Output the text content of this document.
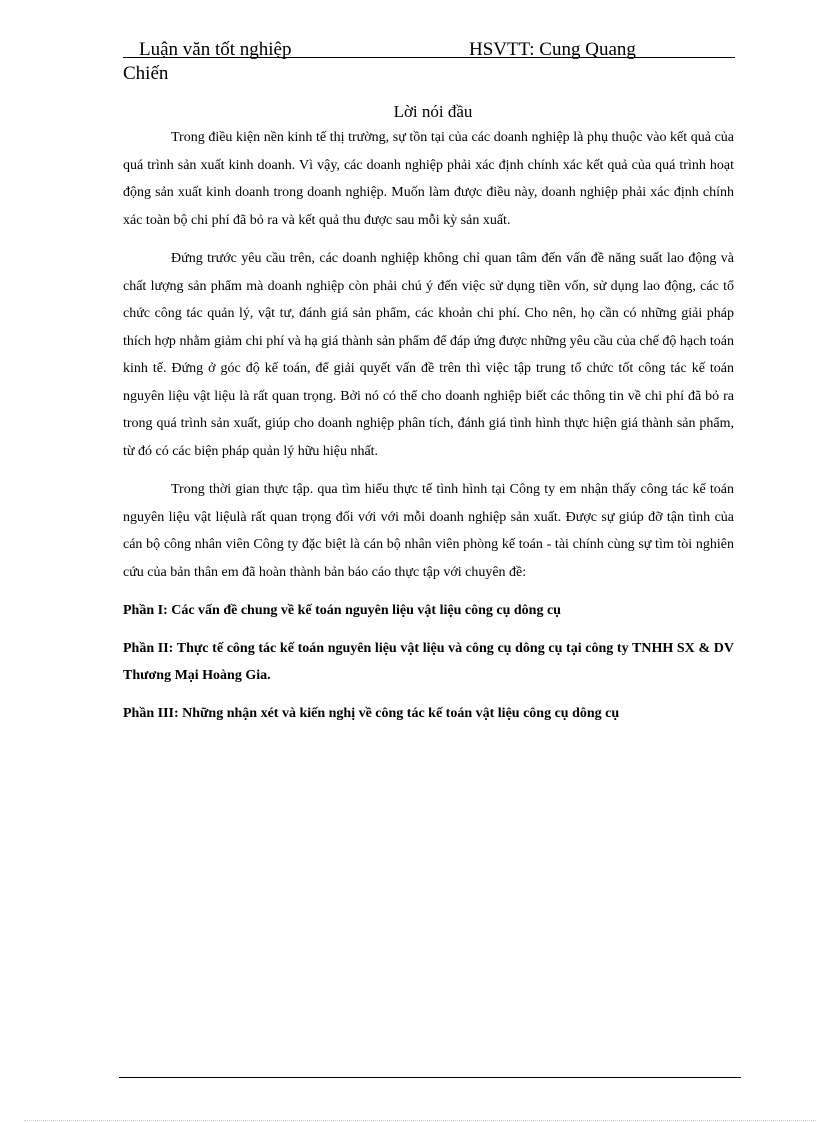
Luận văn tốt nghiệp	HSVTT: Cung Quang
Chiến
Lời nói đầu

Trong điều kiện nền kinh tế thị trường, sự tồn tại của các doanh nghiệp là phụ thuộc vào kết quả của quá trình sản xuất kinh doanh. Vì vậy, các doanh nghiệp phải xác định chính xác kết quả của quá trình hoạt động sản xuất kinh doanh trong doanh nghiệp. Muốn làm được điều này, doanh nghiệp phải xác định chính xác toàn bộ chi phí đã bỏ ra và kết quả thu được sau mỗi kỳ sản xuất.

Đứng trước yêu cầu trên, các doanh nghiệp không chỉ quan tâm đến vấn đề năng suất lao động và chất lượng sản phẩm mà doanh nghiệp còn phải chú ý đến việc sử dụng tiền vốn, sử dụng lao động, các tổ chức công tác quản lý, vật tư, đánh giá sản phẩm, các khoản chi phí. Cho nên, họ cần có những giải pháp thích hợp nhằm giảm chi phí và hạ giá thành sản phẩm để đáp ứng được những yêu cầu của chế độ hạch toán kinh tế. Đứng ở góc độ kế toán, để giải quyết vấn đề trên thì việc tập trung tổ chức tốt công tác kế toán nguyên liệu vật liệu là rất quan trọng. Bởi nó có thể cho doanh nghiệp biết các thông tin về chi phí đã bỏ ra trong quá trình sản xuất, giúp cho doanh nghiệp phân tích, đánh giá tình hình thực hiện giá thành sản phẩm, từ đó có các biện pháp quản lý hữu hiệu nhất.

Trong thời gian thực tập. qua tìm hiểu thực tế tình hình tại Công ty em nhận thấy công tác kế toán nguyên liệu vật liệulà rất quan trọng đối với với mỗi doanh nghiệp sản xuất. Được sự giúp đỡ tận tình của cán bộ công nhân viên Công ty đặc biệt là cán bộ nhân viên phòng kế toán - tài chính cùng sự tìm tòi nghiên cứu của bản thân em đã hoàn thành bản báo cáo thực tập với chuyên đề:

Phần I: Các vấn đề chung về kế toán nguyên liệu vật liệu công cụ dông cụ

Phần II: Thực tế công tác kế toán nguyên liệu vật liệu và công cụ dông cụ tại công ty TNHH SX & DV Thương Mại Hoàng Gia.

Phần III: Những nhận xét và kiến nghị về công tác kế toán vật liệu công cụ dông cụ
